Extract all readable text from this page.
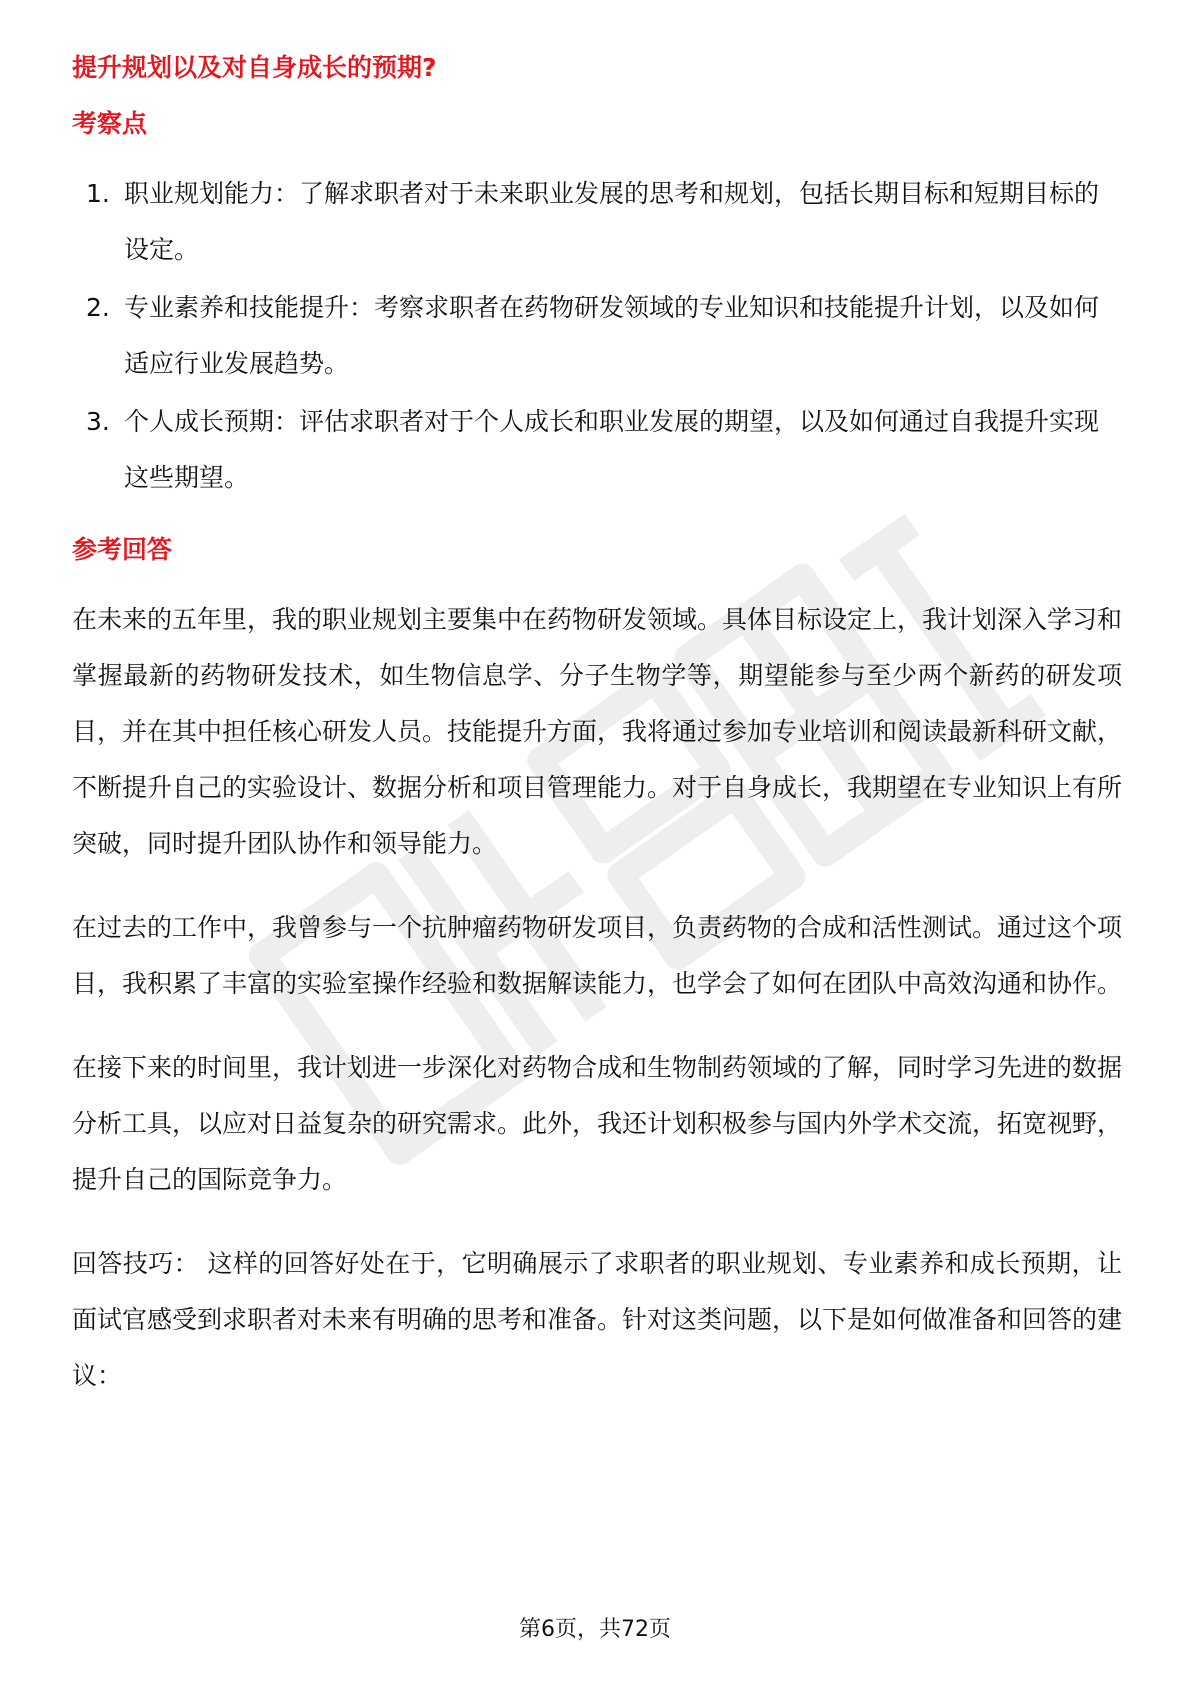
提升规划以及对自身成长的预期?
考察点
1. 职业规划能力：了解求职者对于未来职业发展的思考和规划，包括长期目标和短期目标的设定。
2. 专业素养和技能提升：考察求职者在药物研发领域的专业知识和技能提升计划，以及如何适应行业发展趋势。
3. 个人成长预期：评估求职者对于个人成长和职业发展的期望，以及如何通过自我提升实现这些期望。
参考回答

在未来的五年里，我的职业规划主要集中在药物研发领域。具体目标设定上，我计划深入学习和掌握最新的药物研发技术，如生物信息学、分子生物学等，期望能参与至少两个新药的研发项目，并在其中担任核心研发人员。技能提升方面，我将通过参加专业培训和阅读最新科研文献，不断提升自己的实验设计、数据分析和项目管理能力。对于自身成长，我期望在专业知识上有所突破，同时提升团队协作和领导能力。

在过去的工作中，我曾参与一个抗肿瘤药物研发项目，负责药物的合成和活性测试。通过这个项目，我积累了丰富的实验室操作经验和数据解读能力，也学会了如何在团队中高效沟通和协作。

在接下来的时间里，我计划进一步深化对药物合成和生物制药领域的了解，同时学习先进的数据分析工具，以应对日益复杂的研究需求。此外，我还计划积极参与国内外学术交流，拓宽视野，提升自己的国际竞争力。

回答技巧： 这样的回答好处在于，它明确展示了求职者的职业规划、专业素养和成长预期，让面试官感受到求职者对未来有明确的思考和准备。针对这类问题，以下是如何做准备和回答的建议：

第6页，共72页
